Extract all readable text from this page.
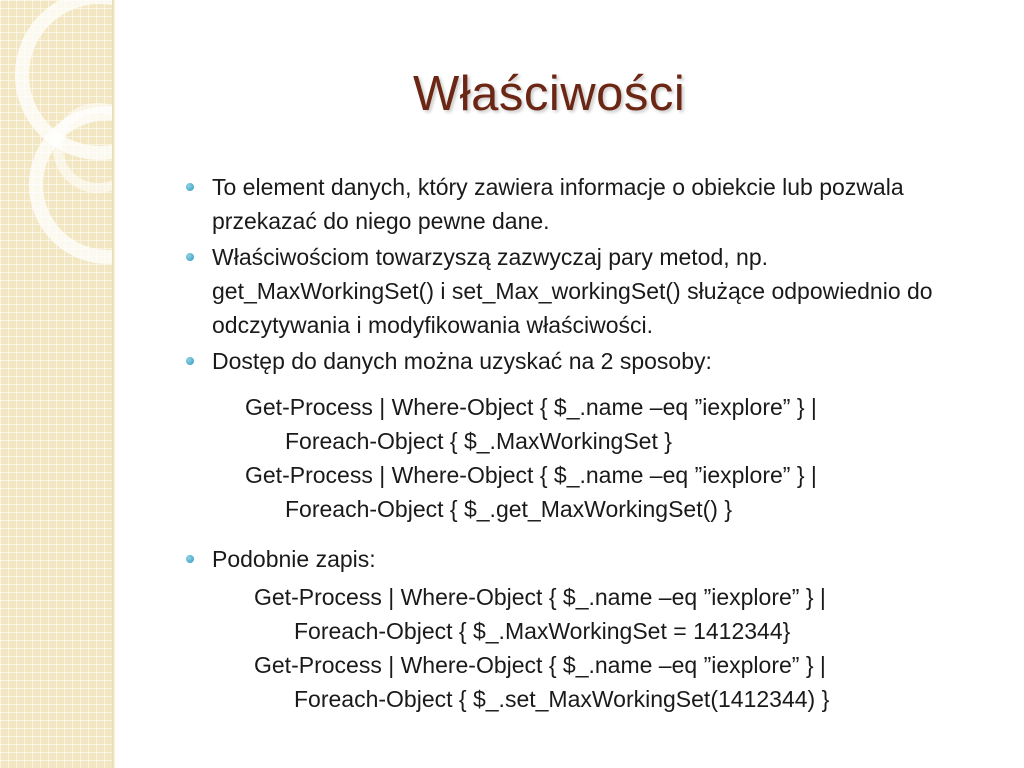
Właściwości

To element danych, który zawiera informacje o obiekcie lub pozwala przekazać do niego pewne dane.

Właściwościom towarzyszą zazwyczaj pary metod, np. get_MaxWorkingSet() i set_Max_workingSet() służące odpowiednio do odczytywania i modyfikowania właściwości.

Dostęp do danych można uzyskać na 2 sposoby:

Get-Process | Where-Object { $_.name –eq ”iexplore” } |
Foreach-Object { $_.MaxWorkingSet }
Get-Process | Where-Object { $_.name –eq ”iexplore” } |
Foreach-Object { $_.get_MaxWorkingSet() }

Podobnie zapis:

Get-Process | Where-Object { $_.name –eq ”iexplore” } |
Foreach-Object { $_.MaxWorkingSet = 1412344}
Get-Process | Where-Object { $_.name –eq ”iexplore” } |
Foreach-Object { $_.set_MaxWorkingSet(1412344) }
